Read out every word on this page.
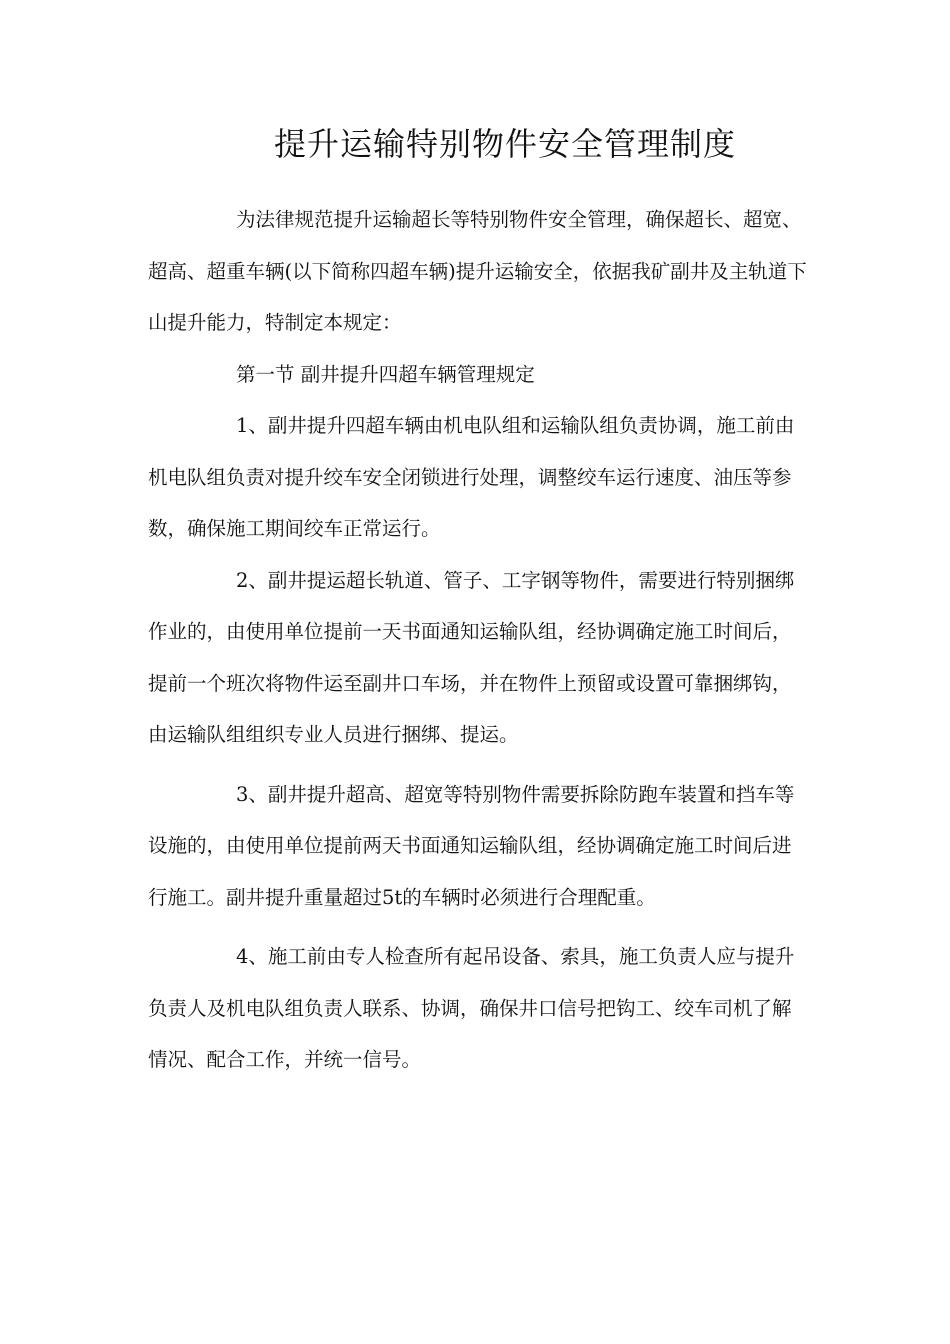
提升运输特别物件安全管理制度

为法律规范提升运输超长等特别物件安全管理，确保超长、超宽、超高、超重车辆(以下简称四超车辆)提升运输安全，依据我矿副井及主轨道下山提升能力，特制定本规定：

第一节 副井提升四超车辆管理规定

1、副井提升四超车辆由机电队组和运输队组负责协调，施工前由机电队组负责对提升绞车安全闭锁进行处理，调整绞车运行速度、油压等参数，确保施工期间绞车正常运行。

2、副井提运超长轨道、管子、工字钢等物件，需要进行特别捆绑作业的，由使用单位提前一天书面通知运输队组，经协调确定施工时间后，提前一个班次将物件运至副井口车场，并在物件上预留或设置可靠捆绑钩，由运输队组组织专业人员进行捆绑、提运。

3、副井提升超高、超宽等特别物件需要拆除防跑车装置和挡车等设施的，由使用单位提前两天书面通知运输队组，经协调确定施工时间后进行施工。副井提升重量超过5t的车辆时必须进行合理配重。

4、施工前由专人检查所有起吊设备、索具，施工负责人应与提升负责人及机电队组负责人联系、协调，确保井口信号把钩工、绞车司机了解情况、配合工作，并统一信号。
